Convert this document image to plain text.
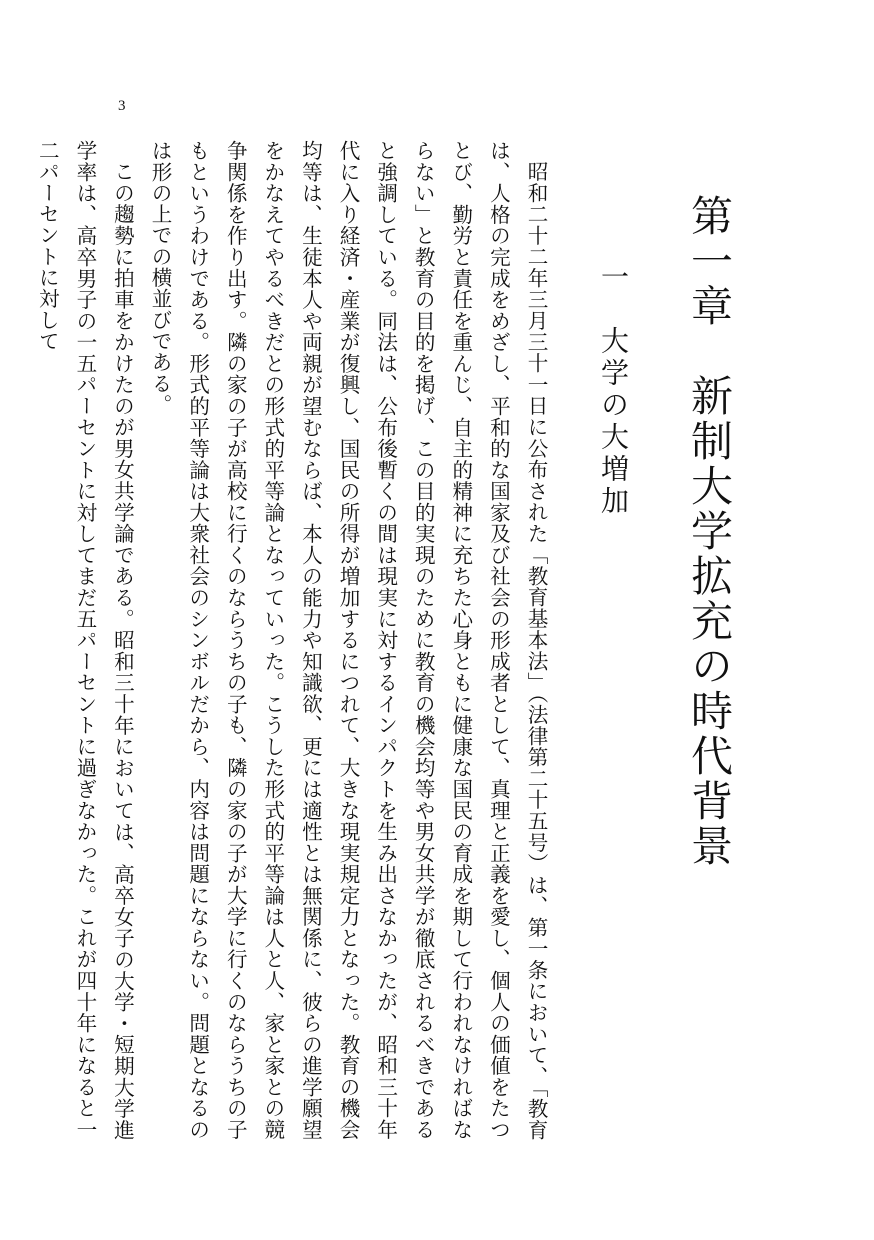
3
第一章　新制大学拡充の時代背景
一　大学の大増加

昭和二十二年三月三十一日に公布された「教育基本法」（法律第二十五号）は、第一条において、「教育は、人格の完成をめざし、平和的な国家及び社会の形成者として、真理と正義を愛し、個人の価値をたつとび、勤労と責任を重んじ、自主的精神に充ちた心身ともに健康な国民の育成を期して行われなければならない」と教育の目的を掲げ、この目的実現のために教育の機会均等や男女共学が徹底されるべきであると強調している。同法は、公布後暫くの間は現実に対するインパクトを生み出さなかったが、昭和三十年代に入り経済・産業が復興し、国民の所得が増加するにつれて、大きな現実規定力となった。教育の機会均等は、生徒本人や両親が望むならば、本人の能力や知識欲、更には適性とは無関係に、彼らの進学願望をかなえてやるべきだとの形式的平等論となっていった。こうした形式的平等論は人と人、家と家との競争関係を作り出す。隣の家の子が高校に行くのならうちの子も、隣の家の子が大学に行くのならうちの子もというわけである。形式的平等論は大衆社会のシンボルだから、内容は問題にならない。問題となるのは形の上での横並びである。

この趨勢に拍車をかけたのが男女共学論である。昭和三十年においては、高卒女子の大学・短期大学進学率は、高卒男子の一五パーセントに対してまだ五パーセントに過ぎなかった。これが四十年になると一二パーセントに対して
